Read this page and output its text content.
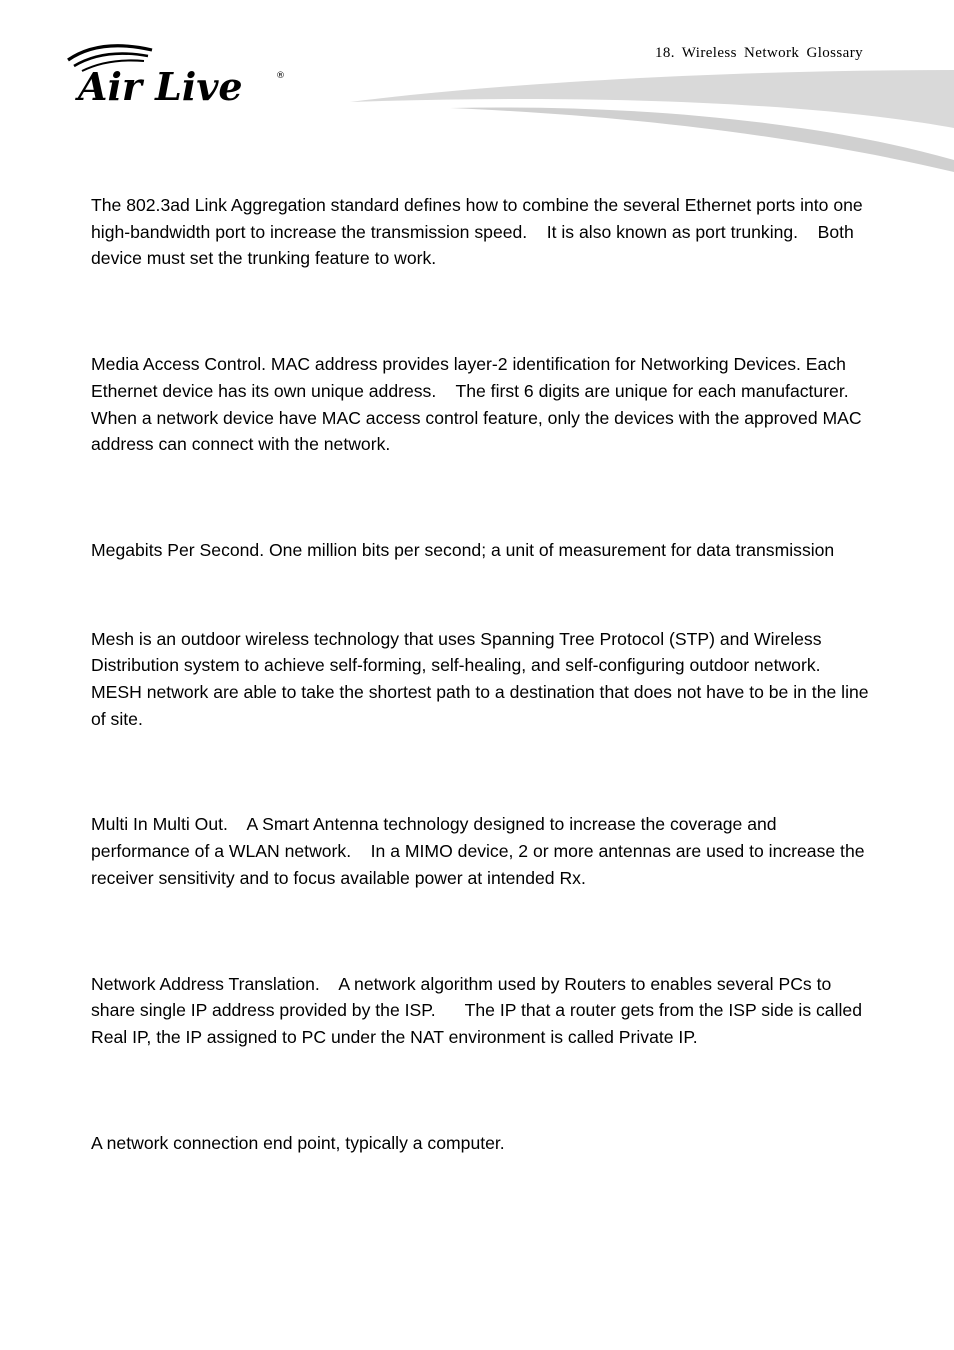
Air Live	®
18. Wireless Network Glossary

The 802.3ad Link Aggregation standard defines how to combine the several Ethernet ports into one high-bandwidth port to increase the transmission speed.    It is also known as port trunking.    Both device must set the trunking feature to work.

Media Access Control. MAC address provides layer-2 identification for Networking Devices. Each Ethernet device has its own unique address.    The first 6 digits are unique for each manufacturer.    When a network device have MAC access control feature, only the devices with the approved MAC address can connect with the network.

Megabits Per Second. One million bits per second; a unit of measurement for data transmission

Mesh is an outdoor wireless technology that uses Spanning Tree Protocol (STP) and Wireless Distribution system to achieve self-forming, self-healing, and self-configuring outdoor network.    MESH network are able to take the shortest path to a destination that does not have to be in the line of site.

Multi In Multi Out.    A Smart Antenna technology designed to increase the coverage and performance of a WLAN network.    In a MIMO device, 2 or more antennas are used to increase the receiver sensitivity and to focus available power at intended Rx.

Network Address Translation.    A network algorithm used by Routers to enables several PCs to share single IP address provided by the ISP.      The IP that a router gets from the ISP side is called Real IP, the IP assigned to PC under the NAT environment is called Private IP.

A network connection end point, typically a computer.
